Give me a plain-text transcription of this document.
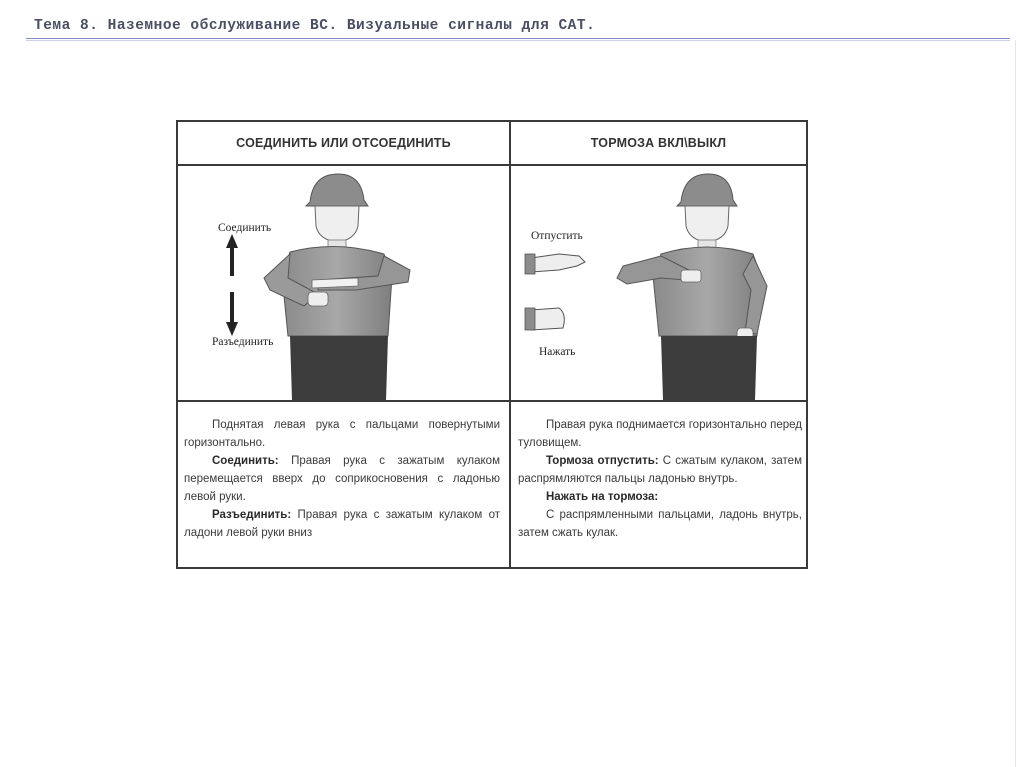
Тема 8. Наземное обслуживание ВС. Визуальные сигналы для САТ.
СОЕДИНИТЬ ИЛИ ОТСОЕДИНИТЬ	ТОРМОЗА ВКЛ\ВЫКЛ
Соединить
Разъединить
Отпустить
Нажать

Поднятая левая рука с пальцами повернутыми горизонтально.

Соединить: Правая рука с зажатым кулаком перемещается вверх до соприкосновения с ладонью левой руки.

Разъединить: Правая рука с зажатым кулаком от ладони левой руки вниз

Правая рука поднимается горизонтально перед туловищем.

Тормоза отпустить: С сжатым кулаком, затем распрямляются пальцы ладонью внутрь.

Нажать на тормоза:

С распрямленными пальцами, ладонь внутрь, затем сжать кулак.
